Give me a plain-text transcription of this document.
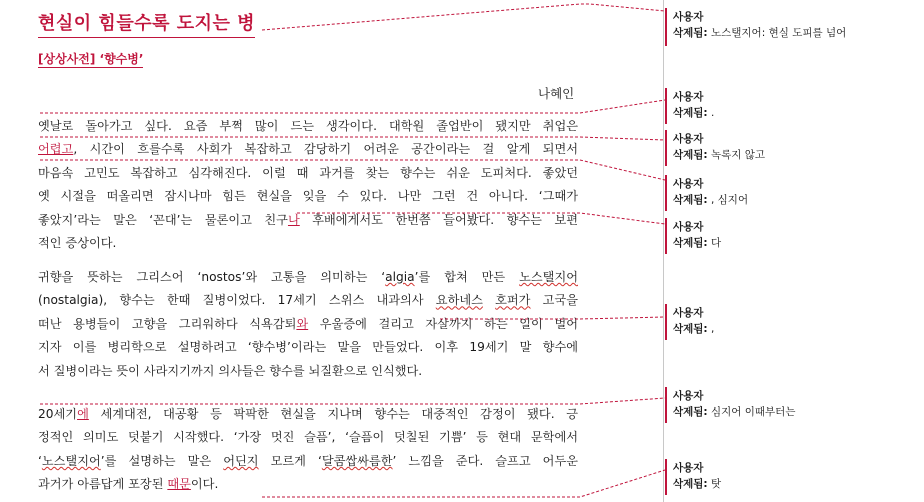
현실이 힘들수록 도지는 병
[상상사전] ‘향수병’
나혜인
옛날로 돌아가고 싶다. 요즘 부쩍 많이 드는 생각이다. 대학원 졸업반이 됐지만 취업은
어렵고, 시간이 흐를수록 사회가 복잡하고 감당하기 어려운 공간이라는 걸 알게 되면서
마음속 고민도 복잡하고 심각해진다. 이럴 때 과거를 찾는 향수는 쉬운 도피처다. 좋았던
옛 시절을 떠올리면 잠시나마 힘든 현실을 잊을 수 있다. 나만 그런 건 아니다. ‘그때가
좋았지’라는 말은 ‘꼰대’는 물론이고 친구나 후배에게서도 한번쯤 들어봤다. 향수는 보편
적인 증상이다.
귀향을 뜻하는 그리스어 ‘nostos’와 고통을 의미하는 ‘algia’를 합쳐 만든 노스탤지어
(nostalgia), 향수는 한때 질병이었다. 17세기 스위스 내과의사 요하네스 호퍼가 고국을
떠난 용병들이 고향을 그리워하다 식욕감퇴와 우울증에 걸리고 자살까지 하는 일이 벌어
지자 이를 병리학으로 설명하려고 ‘향수병’이라는 말을 만들었다. 이후 19세기 말 향수에
서 질병이라는 뜻이 사라지기까지 의사들은 향수를 뇌질환으로 인식했다.
20세기에 세계대전, 대공황 등 팍팍한 현실을 지나며 향수는 대중적인 감정이 됐다. 긍
정적인 의미도 덧붙기 시작했다. ‘가장 멋진 슬픔’, ‘슬픔이 덧칠된 기쁨’ 등 현대 문학에서
‘노스탤지어’를 설명하는 말은 어딘지 모르게 ‘달콤쌉싸름한’ 느낌을 준다. 슬프고 어두운
과거가 아름답게 포장된 때문이다.
사용자
삭제됨: 노스탤지어: 현실 도피를 넘어
사용자
삭제됨: .
사용자
삭제됨: 녹록지 않고
사용자
삭제됨: , 심지어
사용자
삭제됨: 다
사용자
삭제됨: ,
사용자
삭제됨: 심지어 이때부터는
사용자
삭제됨: 탓
